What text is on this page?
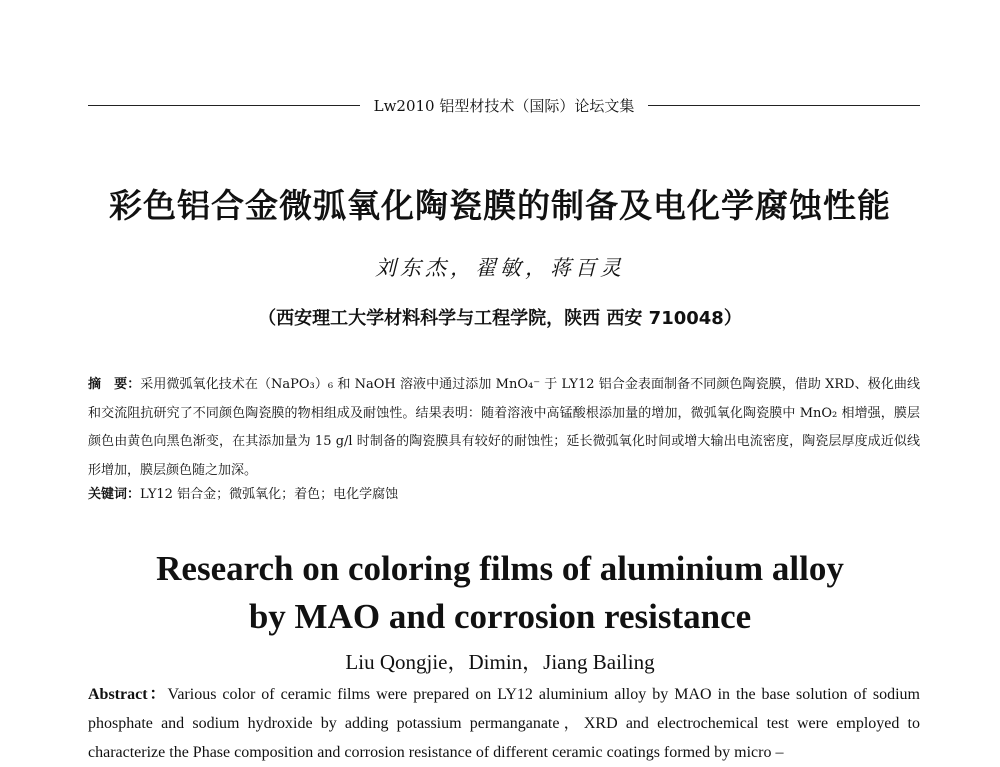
Lw2010 铝型材技术（国际）论坛文集
彩色铝合金微弧氧化陶瓷膜的制备及电化学腐蚀性能
刘东杰，翟敏，蒋百灵
（西安理工大学材料科学与工程学院，陕西 西安 710048）
摘　要：采用微弧氧化技术在（NaPO₃）₆ 和 NaOH 溶液中通过添加 MnO₄⁻ 于 LY12 铝合金表面制备不同颜色陶瓷膜，借助 XRD、极化曲线和交流阻抗研究了不同颜色陶瓷膜的物相组成及耐蚀性。结果表明：随着溶液中高锰酸根添加量的增加，微弧氧化陶瓷膜中 MnO₂ 相增强，膜层颜色由黄色向黑色渐变，在其添加量为 15 g/l 时制备的陶瓷膜具有较好的耐蚀性；延长微弧氧化时间或增大输出电流密度，陶瓷层厚度成近似线形增加，膜层颜色随之加深。
关键词：LY12 铝合金；微弧氧化；着色；电化学腐蚀
Research on coloring films of aluminium alloy
by MAO and corrosion resistance
Liu Qongjie，Dimin，Jiang Bailing
Abstract：Various color of ceramic films were prepared on LY12 aluminium alloy by MAO in the base solution of sodium phosphate and sodium hydroxide by adding potassium permanganate，XRD and electrochemical test were employed to characterize the Phase composition and corrosion resistance of different ceramic coatings formed by micro –
